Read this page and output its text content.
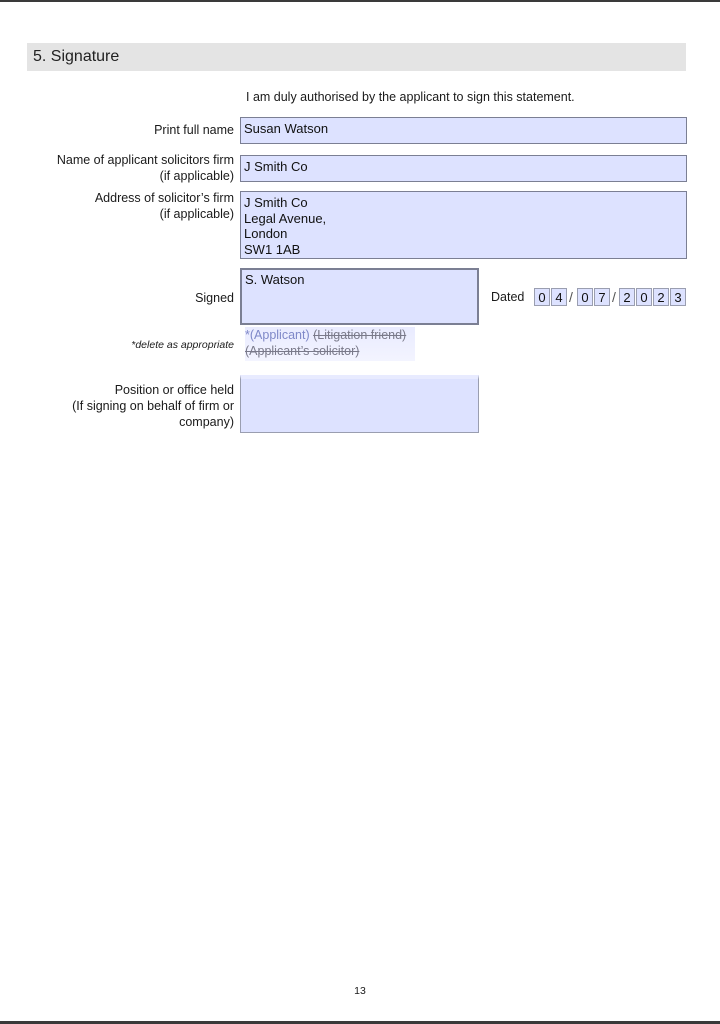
5. Signature
I am duly authorised by the applicant to sign this statement.
Print full name Susan Watson
Name of applicant solicitors firm
(if applicable)
J Smith Co
Address of solicitor’s firm
(if applicable)
J Smith Co
Legal Avenue,
London
SW1 1AB
Signed
S. Watson
Dated	0 4 / 0 7 / 2 0 2 3
*delete as appropriate
*(Applicant) (Litigation friend)
(Applicant’s solicitor)
Position or office held
(If signing on behalf of firm or
company)
13
